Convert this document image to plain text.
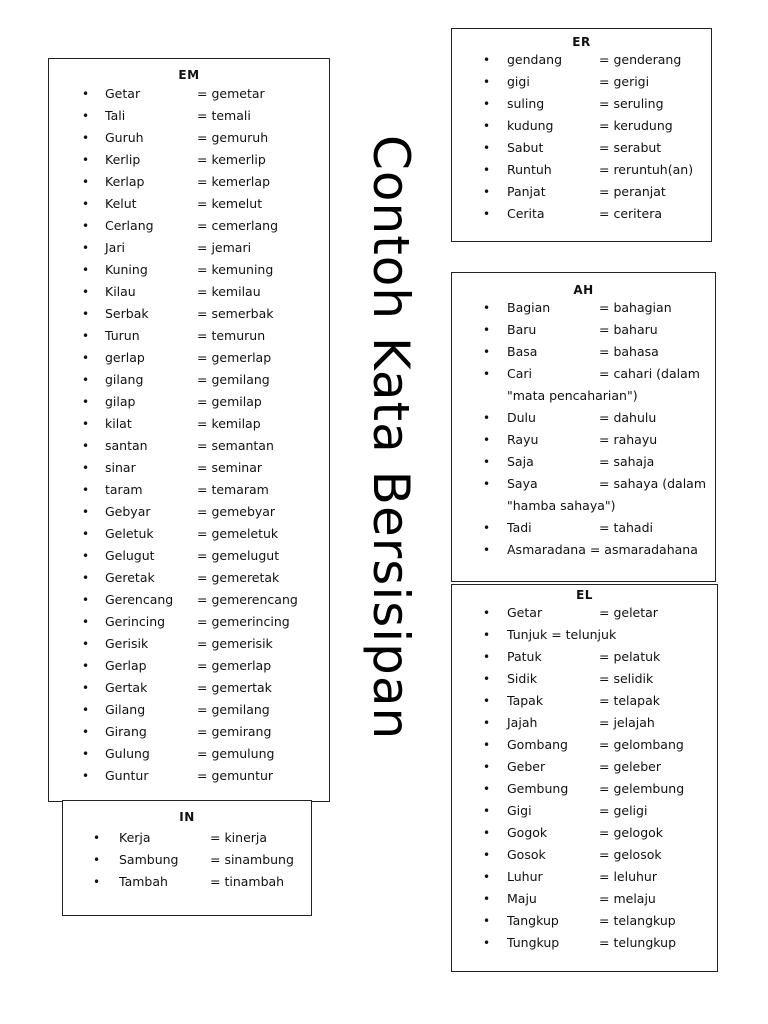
EM
• Getar	= gemetar
• Tali	= temali
• Guruh	= gemuruh
• Kerlip	= kemerlip
• Kerlap	= kemerlap
• Kelut	= kemelut
• Cerlang	= cemerlang
• Jari	= jemari
• Kuning	= kemuning
• Kilau	= kemilau
• Serbak	= semerbak
• Turun	= temurun
• gerlap	= gemerlap
• gilang	= gemilang
• gilap	= gemilap
• kilat	= kemilap
• santan	= semantan
• sinar	= seminar
• taram	= temaram
• Gebyar	= gemebyar
• Geletuk	= gemeletuk
• Gelugut	= gemelugut
• Geretak	= gemeretak
• Gerencang = gemerencang
• Gerincing	= gemerincing
• Gerisik	= gemerisik
• Gerlap	= gemerlap
• Gertak	= gemertak
• Gilang	= gemilang
• Girang	= gemirang
• Gulung	= gemulung
• Guntur	= gemuntur
IN
• Kerja	= kinerja
• Sambung	= sinambung
• Tambah	= tinambah
Contoh Kata Bersisipan
ER
• gendang	= genderang
• gigi	= gerigi
• suling	= seruling
• kudung	= kerudung
• Sabut	= serabut
• Runtuh	= reruntuh(an)
• Panjat	= peranjat
• Cerita	= ceritera
AH
• Bagian	= bahagian
• Baru	= baharu
• Basa	= bahasa
• Cari	= cahari (dalam
"mata pencaharian")
• Dulu	= dahulu
• Rayu	= rahayu
• Saja	= sahaja
• Saya	= sahaya (dalam
"hamba sahaya")
• Tadi	= tahadi
• Asmaradana = asmaradahana
EL
• Getar	= geletar
• Tunjuk = telunjuk
• Patuk	= pelatuk
• Sidik	= selidik
• Tapak	= telapak
• Jajah	= jelajah
• Gombang = gelombang
• Geber	= geleber
• Gembung = gelembung
• Gigi	= geligi
• Gogok	= gelogok
• Gosok	= gelosok
• Luhur	= leluhur
• Maju	= melaju
• Tangkup	= telangkup
• Tungkup	= telungkup
